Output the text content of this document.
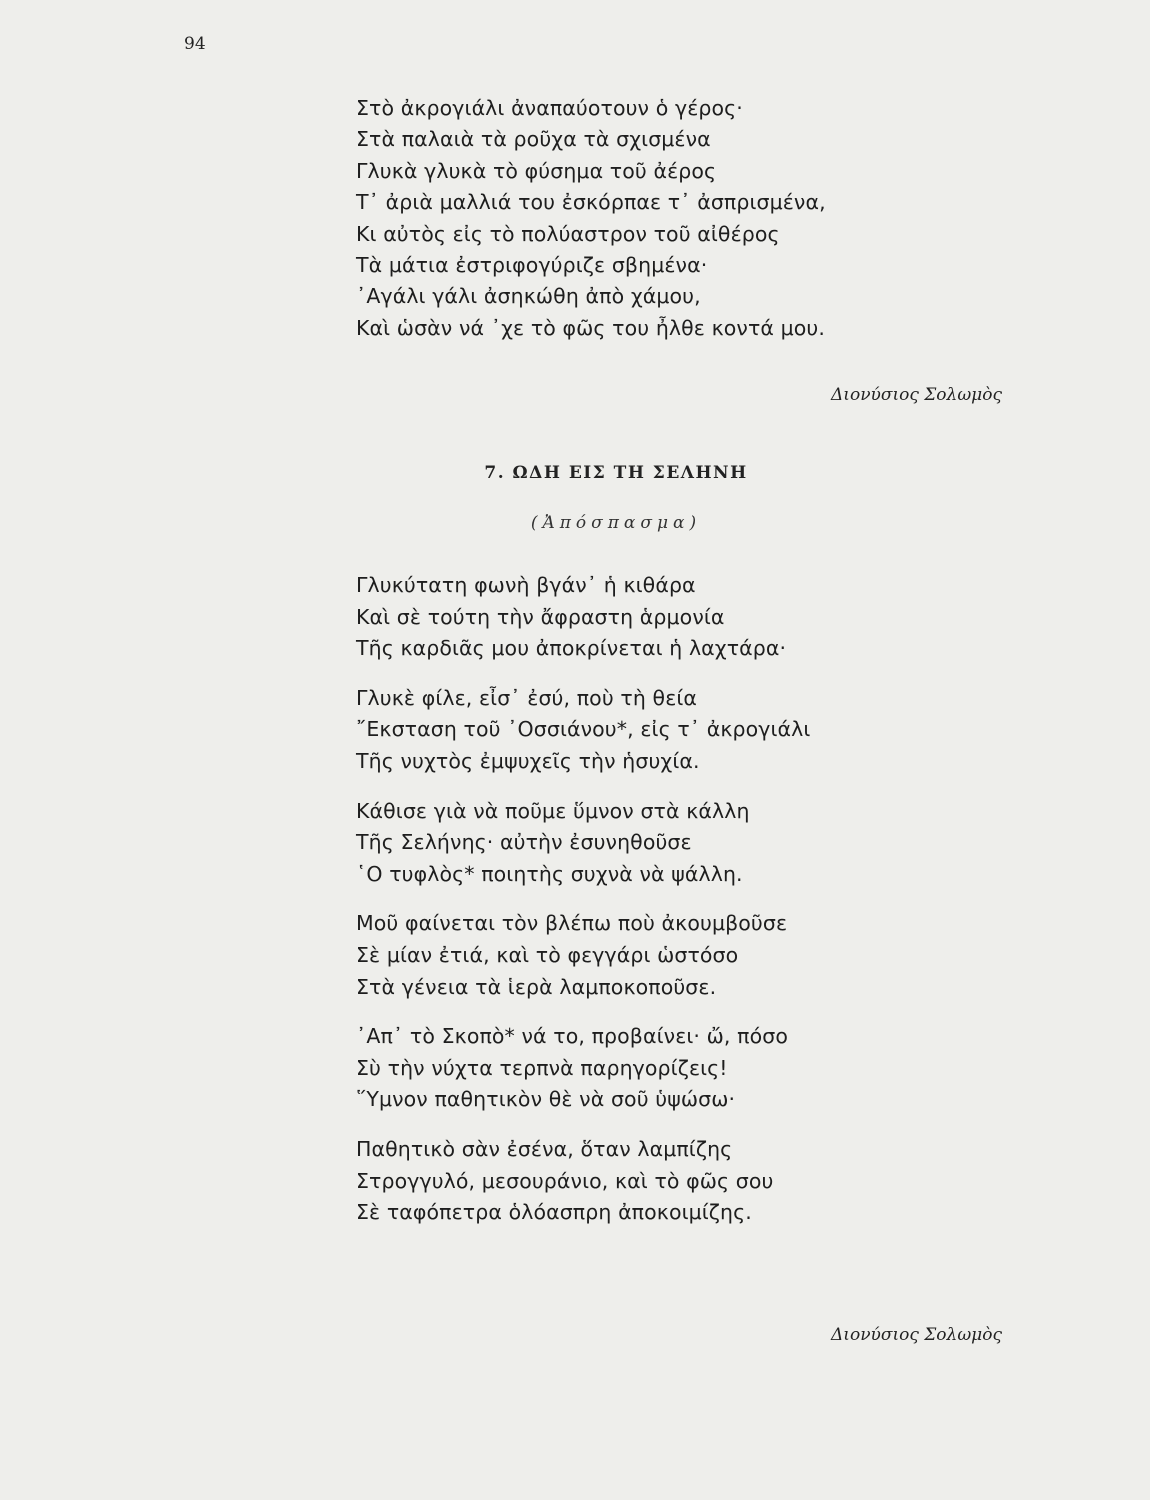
94
Στὸ ἀκρογιάλι ἀναπαύοτουν ὁ γέρος·
Στὰ παλαιὰ τὰ ροῦχα τὰ σχισμένα
Γλυκὰ γλυκὰ τὸ φύσημα τοῦ ἀέρος
Τ᾽ ἀριὰ μαλλιά του ἐσκόρπαε τ᾽ ἀσπρισμένα,
Κι αὐτὸς εἰς τὸ πολύαστρον τοῦ αἰθέρος
Τὰ μάτια ἐστριφογύριζε σβημένα·
᾽Αγάλι γάλι ἀσηκώθη ἀπὸ χάμου,
Καὶ ὡσὰν νά ᾽χε τὸ φῶς του ἦλθε κοντά μου.
Διονύσιος Σολωμὸς
7. ΩΔΗ ΕΙΣ ΤΗ ΣΕΛΗΝΗ
(Ἀπόσπασμα)
Γλυκύτατη φωνὴ βγάν᾽ ἡ κιθάρα
Καὶ σὲ τούτη τὴν ἄφραστη ἁρμονία
Τῆς καρδιᾶς μου ἀποκρίνεται ἡ λαχτάρα·
Γλυκὲ φίλε, εἶσ᾽ ἐσύ, ποὺ τὴ θεία
῎Εκσταση τοῦ ᾽Οσσιάνου*, εἰς τ᾽ ἀκρογιάλι
Τῆς νυχτὸς ἐμψυχεῖς τὴν ἡσυχία.
Κάθισε γιὰ νὰ ποῦμε ὕμνον στὰ κάλλη
Τῆς Σελήνης· αὐτὴν ἐσυνηθοῦσε
῾Ο τυφλὸς* ποιητὴς συχνὰ νὰ ψάλλη.
Μοῦ φαίνεται τὸν βλέπω ποὺ ἀκουμβοῦσε
Σὲ μίαν ἐτιά, καὶ τὸ φεγγάρι ὡστόσο
Στὰ γένεια τὰ ἱερὰ λαμποκοποῦσε.
᾽Απ᾽ τὸ Σκοπὸ* νά το, προβαίνει· ὤ, πόσο
Σὺ τὴν νύχτα τερπνὰ παρηγορίζεις!
῞Υμνον παθητικὸν θὲ νὰ σοῦ ὑψώσω·
Παθητικὸ σὰν ἐσένα, ὅταν λαμπίζης
Στρογγυλό, μεσουράνιο, καὶ τὸ φῶς σου
Σὲ ταφόπετρα ὁλόασπρη ἀποκοιμίζης.
Διονύσιος Σολωμὸς
